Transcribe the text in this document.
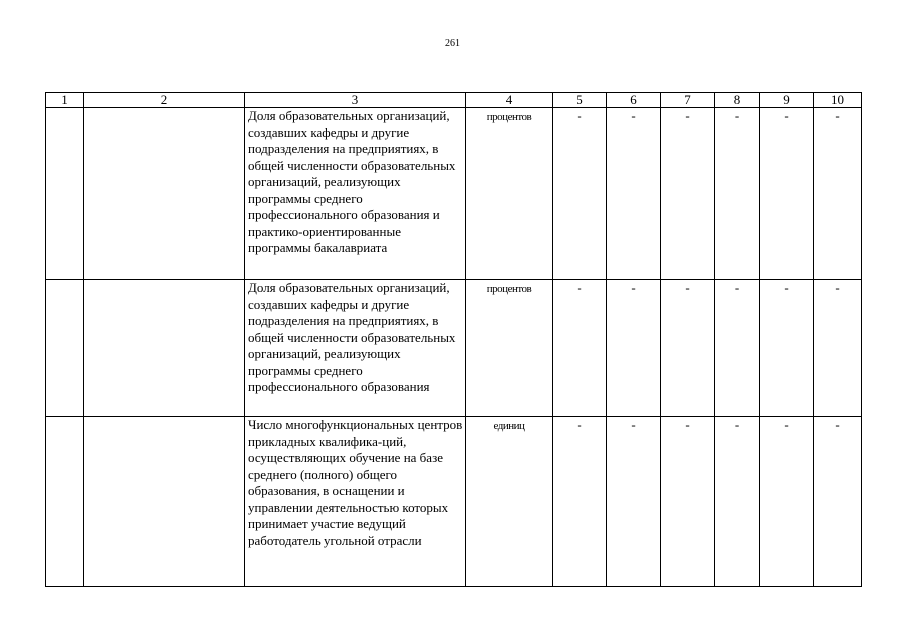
261
1	2	3	4	5	6	7	8	9	10
		Доля образовательных организаций, создавших кафедры и другие подразделения на предприятиях, в общей численности образовательных организаций, реализующих программы среднего профессионального образования и практико-ориентированные программы бакалавриата	процентов	-	-	-	-	-	-
		Доля образовательных организаций, создавших кафедры и другие подразделения на предприятиях, в общей численности образовательных организаций, реализующих программы среднего профессионального образования	процентов	-	-	-	-	-	-
		Число многофункциональных центров прикладных квалифика-ций, осуществляющих обучение на базе среднего (полного) общего образования, в оснащении и управлении деятельностью которых принимает участие ведущий работодатель угольной отрасли	единиц	-	-	-	-	-	-
